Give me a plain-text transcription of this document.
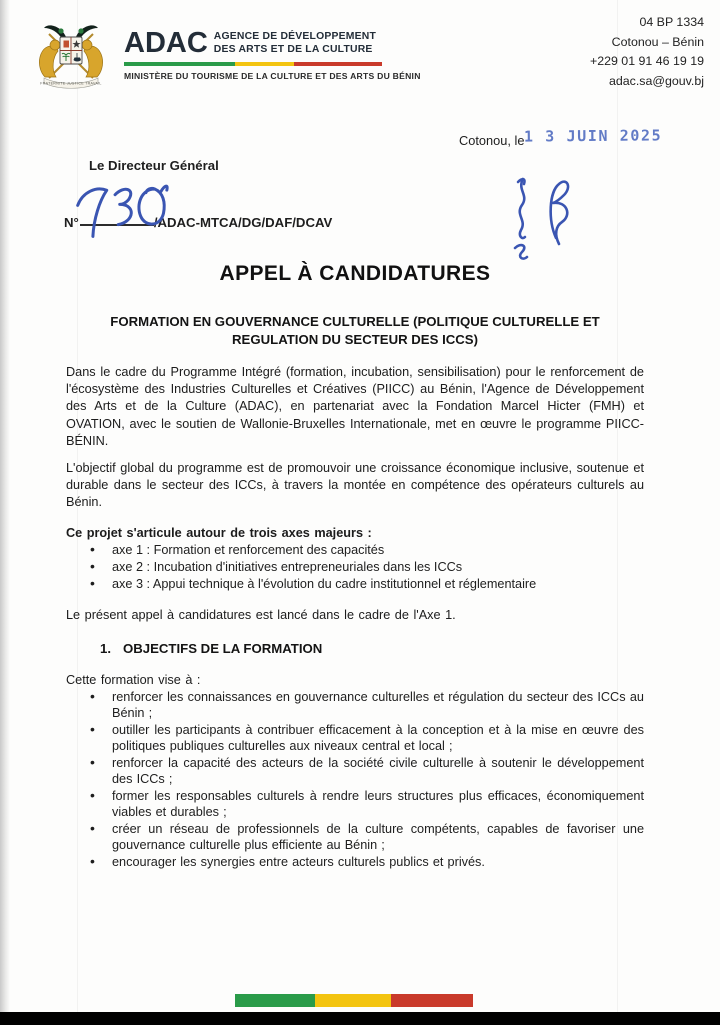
FRATERNITE JUSTICE TRAVAIL
ADAC AGENCE DE DÉVELOPPEMENT
DES ARTS ET DE LA CULTURE
MINISTÈRE DU TOURISME DE LA CULTURE ET DES ARTS DU BÉNIN
04 BP 1334
Cotonou – Bénin
+229 01 91 46 19 19
adac.sa@gouv.bj
Cotonou, le 1 3 JUIN 2025
Le Directeur Général
N°	/ADAC-MTCA/DG/DAF/DCAV
APPEL À CANDIDATURES
FORMATION EN GOUVERNANCE CULTURELLE (POLITIQUE CULTURELLE ET REGULATION DU SECTEUR DES ICCS)

Dans le cadre du Programme Intégré (formation, incubation, sensibilisation) pour le renforcement de l'écosystème des Industries Culturelles et Créatives (PIICC) au Bénin, l'Agence de Développement des Arts et de la Culture (ADAC), en partenariat avec la Fondation Marcel Hicter (FMH) et OVATION, avec le soutien de Wallonie-Bruxelles Internationale, met en œuvre le programme PIICC-BÉNIN.

L'objectif global du programme est de promouvoir une croissance économique inclusive, soutenue et durable dans le secteur des ICCs, à travers la montée en compétence des opérateurs culturels au Bénin.

Ce projet s'articule autour de trois axes majeurs :

• axe 1 : Formation et renforcement des capacités
• axe 2 : Incubation d'initiatives entrepreneuriales dans les ICCs
• axe 3 : Appui technique à l'évolution du cadre institutionnel et réglementaire

Le présent appel à candidatures est lancé dans le cadre de l'Axe 1.

1. OBJECTIFS DE LA FORMATION

Cette formation vise à :

• renforcer les connaissances en gouvernance culturelles et régulation du secteur des ICCs au Bénin ;
• outiller les participants à contribuer efficacement à la conception et à la mise en œuvre des politiques publiques culturelles aux niveaux central et local ;
• renforcer la capacité des acteurs de la société civile culturelle à soutenir le développement des ICCs ;
• former les responsables culturels à rendre leurs structures plus efficaces, économiquement viables et durables ;
• créer un réseau de professionnels de la culture compétents, capables de favoriser une gouvernance culturelle plus efficiente au Bénin ;
• encourager les synergies entre acteurs culturels publics et privés.
